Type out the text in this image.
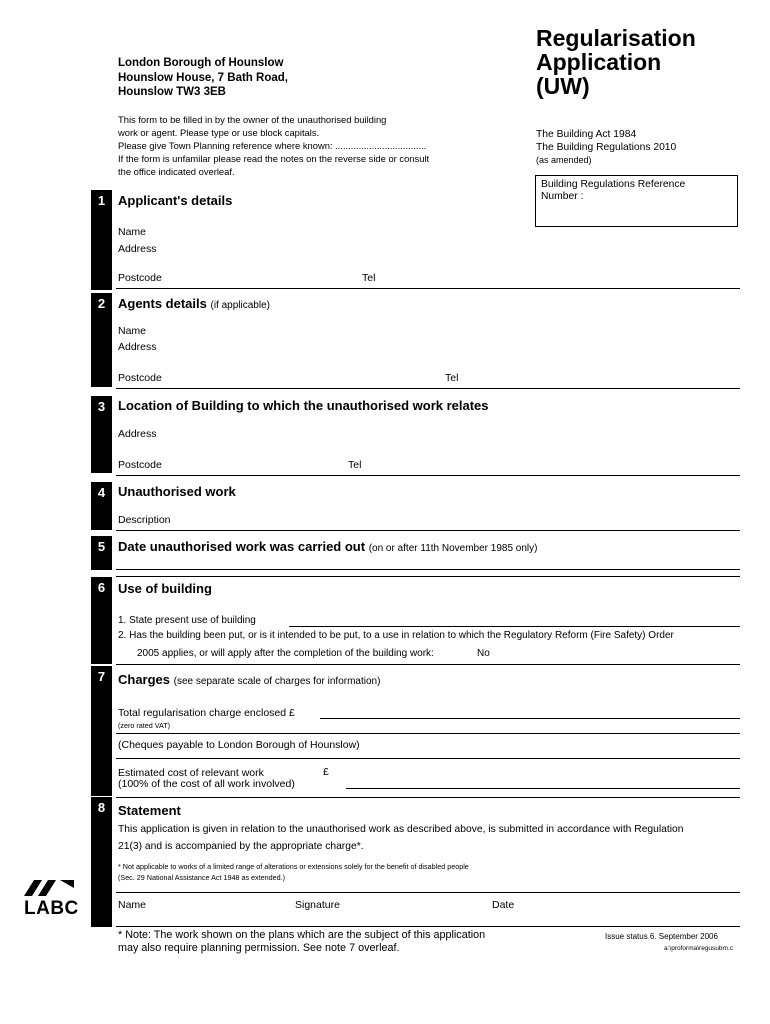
London Borough of Hounslow
Hounslow House, 7 Bath Road,
Hounslow TW3 3EB
Regularisation
Application
(UW)
This form to be filled in by the owner of the unauthorised building
work or agent. Please type or use block capitals.
Please give Town Planning reference where known: ...................................
If the form is unfamilar please read the notes on the reverse side or consult
the office indicated overleaf.
The Building Act 1984
The Building Regulations 2010
(as amended)
Building Regulations Reference
Number :
1 Applicant's details
Name
Address
Postcode	Tel
2 Agents details (if applicable)
Name
Address
Postcode	Tel
3 Location of Building to which the unauthorised work relates
Address
Postcode	Tel
4 Unauthorised work
Description
5 Date unauthorised work was carried out (on or after 11th November 1985 only)
6 Use of building
1. State present use of building
2. Has the building been put, or is it intended to be put, to a use in relation to which the Regulatory Reform (Fire Safety) Order
2005 applies, or will apply after the completion of the building work:	No
7 Charges (see separate scale of charges for information)
Total regularisation charge enclosed £
(zero rated VAT)
(Cheques payable to London Borough of Hounslow)
Estimated cost of relevant work	£
(100% of the cost of all work involved)
8 Statement
This application is given in relation to the unauthorised work as described above, is submitted in accordance with Regulation
21(3) and is accompanied by the appropriate charge*.
* Not applicable to works of a limited range of alterations or extensions solely for the benefit of disabled people
(Sec. 29 National Assistance Act 1948 as extended.)
Name	Signature	Date
LABC
* Note: The work shown on the plans which are the subject of this application
may also require planning permission. See note 7 overleaf.
Issue status 6. September 2006
a:\proforma\regusubm.c
